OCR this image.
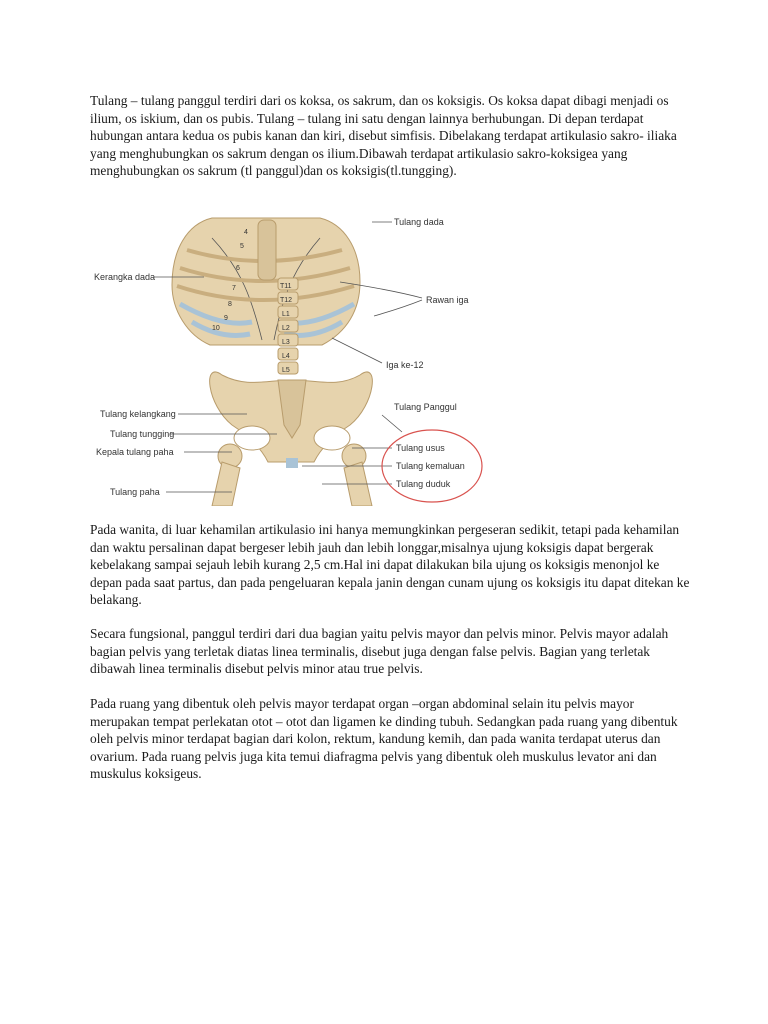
Tulang – tulang panggul terdiri dari os koksa, os sakrum, dan os koksigis. Os koksa dapat dibagi menjadi os ilium, os iskium, dan os pubis. Tulang – tulang ini satu dengan lainnya berhubungan. Di depan terdapat hubungan antara kedua os pubis kanan dan kiri, disebut simfisis. Dibelakang terdapat artikulasio sakro- iliaka yang menghubungkan os sakrum dengan os ilium.Dibawah terdapat artikulasio sakro-koksigea yang menghubungkan os sakrum (tl panggul)dan os koksigis(tl.tungging).

4
5
6
7
8
9
10
T11
T12
L1
L2
L3
L4
L5
Tulang dada
Kerangka dada
Rawan iga
Iga ke-12
Tulang Panggul
Tulang kelangkang
Tulang tungging
Kepala tulang paha
Tulang paha
Tulang usus
Tulang kemaluan
Tulang duduk

Pada wanita, di luar kehamilan artikulasio ini hanya memungkinkan pergeseran sedikit, tetapi pada kehamilan dan waktu persalinan dapat bergeser lebih jauh dan lebih longgar,misalnya ujung koksigis dapat bergerak kebelakang sampai sejauh lebih kurang 2,5 cm.Hal ini dapat dilakukan bila ujung os koksigis menonjol ke depan pada saat partus, dan pada pengeluaran kepala janin dengan cunam ujung os koksigis itu dapat ditekan ke belakang.

Secara fungsional, panggul terdiri dari dua bagian yaitu pelvis mayor dan pelvis minor. Pelvis mayor adalah bagian pelvis yang terletak diatas linea terminalis, disebut juga dengan false pelvis. Bagian yang terletak dibawah linea terminalis disebut pelvis minor atau true pelvis.

Pada ruang yang dibentuk oleh pelvis mayor terdapat organ –organ abdominal selain itu pelvis mayor merupakan tempat perlekatan otot – otot dan ligamen ke dinding tubuh. Sedangkan pada ruang yang dibentuk oleh pelvis minor terdapat bagian dari kolon, rektum, kandung kemih, dan pada wanita terdapat uterus dan ovarium. Pada ruang pelvis juga kita temui diafragma pelvis yang dibentuk oleh muskulus levator ani dan muskulus koksigeus.
